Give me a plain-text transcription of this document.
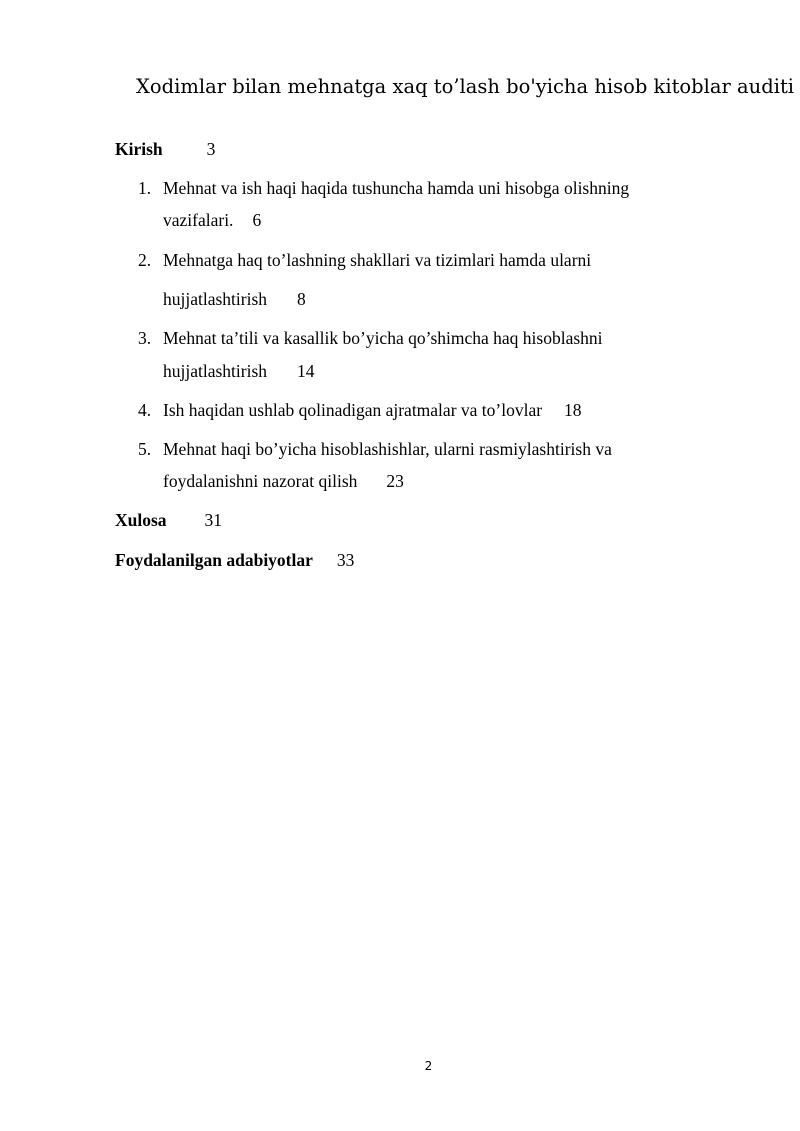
Xodimlar bilan mehnatga xaq to’lash bo'yicha hisob kitoblar auditi
Kirish	3
1. Mehnat va ish haqi haqida tushuncha hamda uni hisobga olishning
vazifalari. 6
2. Mehnatga haq to’lashning shakllari va tizimlari hamda ularni
hujjatlashtirish 8
3. Mehnat ta’tili va kasallik bo’yicha qo’shimcha haq hisoblashni
hujjatlashtirish 14
4. Ish haqidan ushlab qolinadigan ajratmalar va to’lovlar 18
5. Mehnat haqi bo’yicha hisoblashishlar, ularni rasmiylashtirish va
foydalanishni nazorat qilish 23
Xulosa 31
Foydalanilgan adabiyotlar 33
2
